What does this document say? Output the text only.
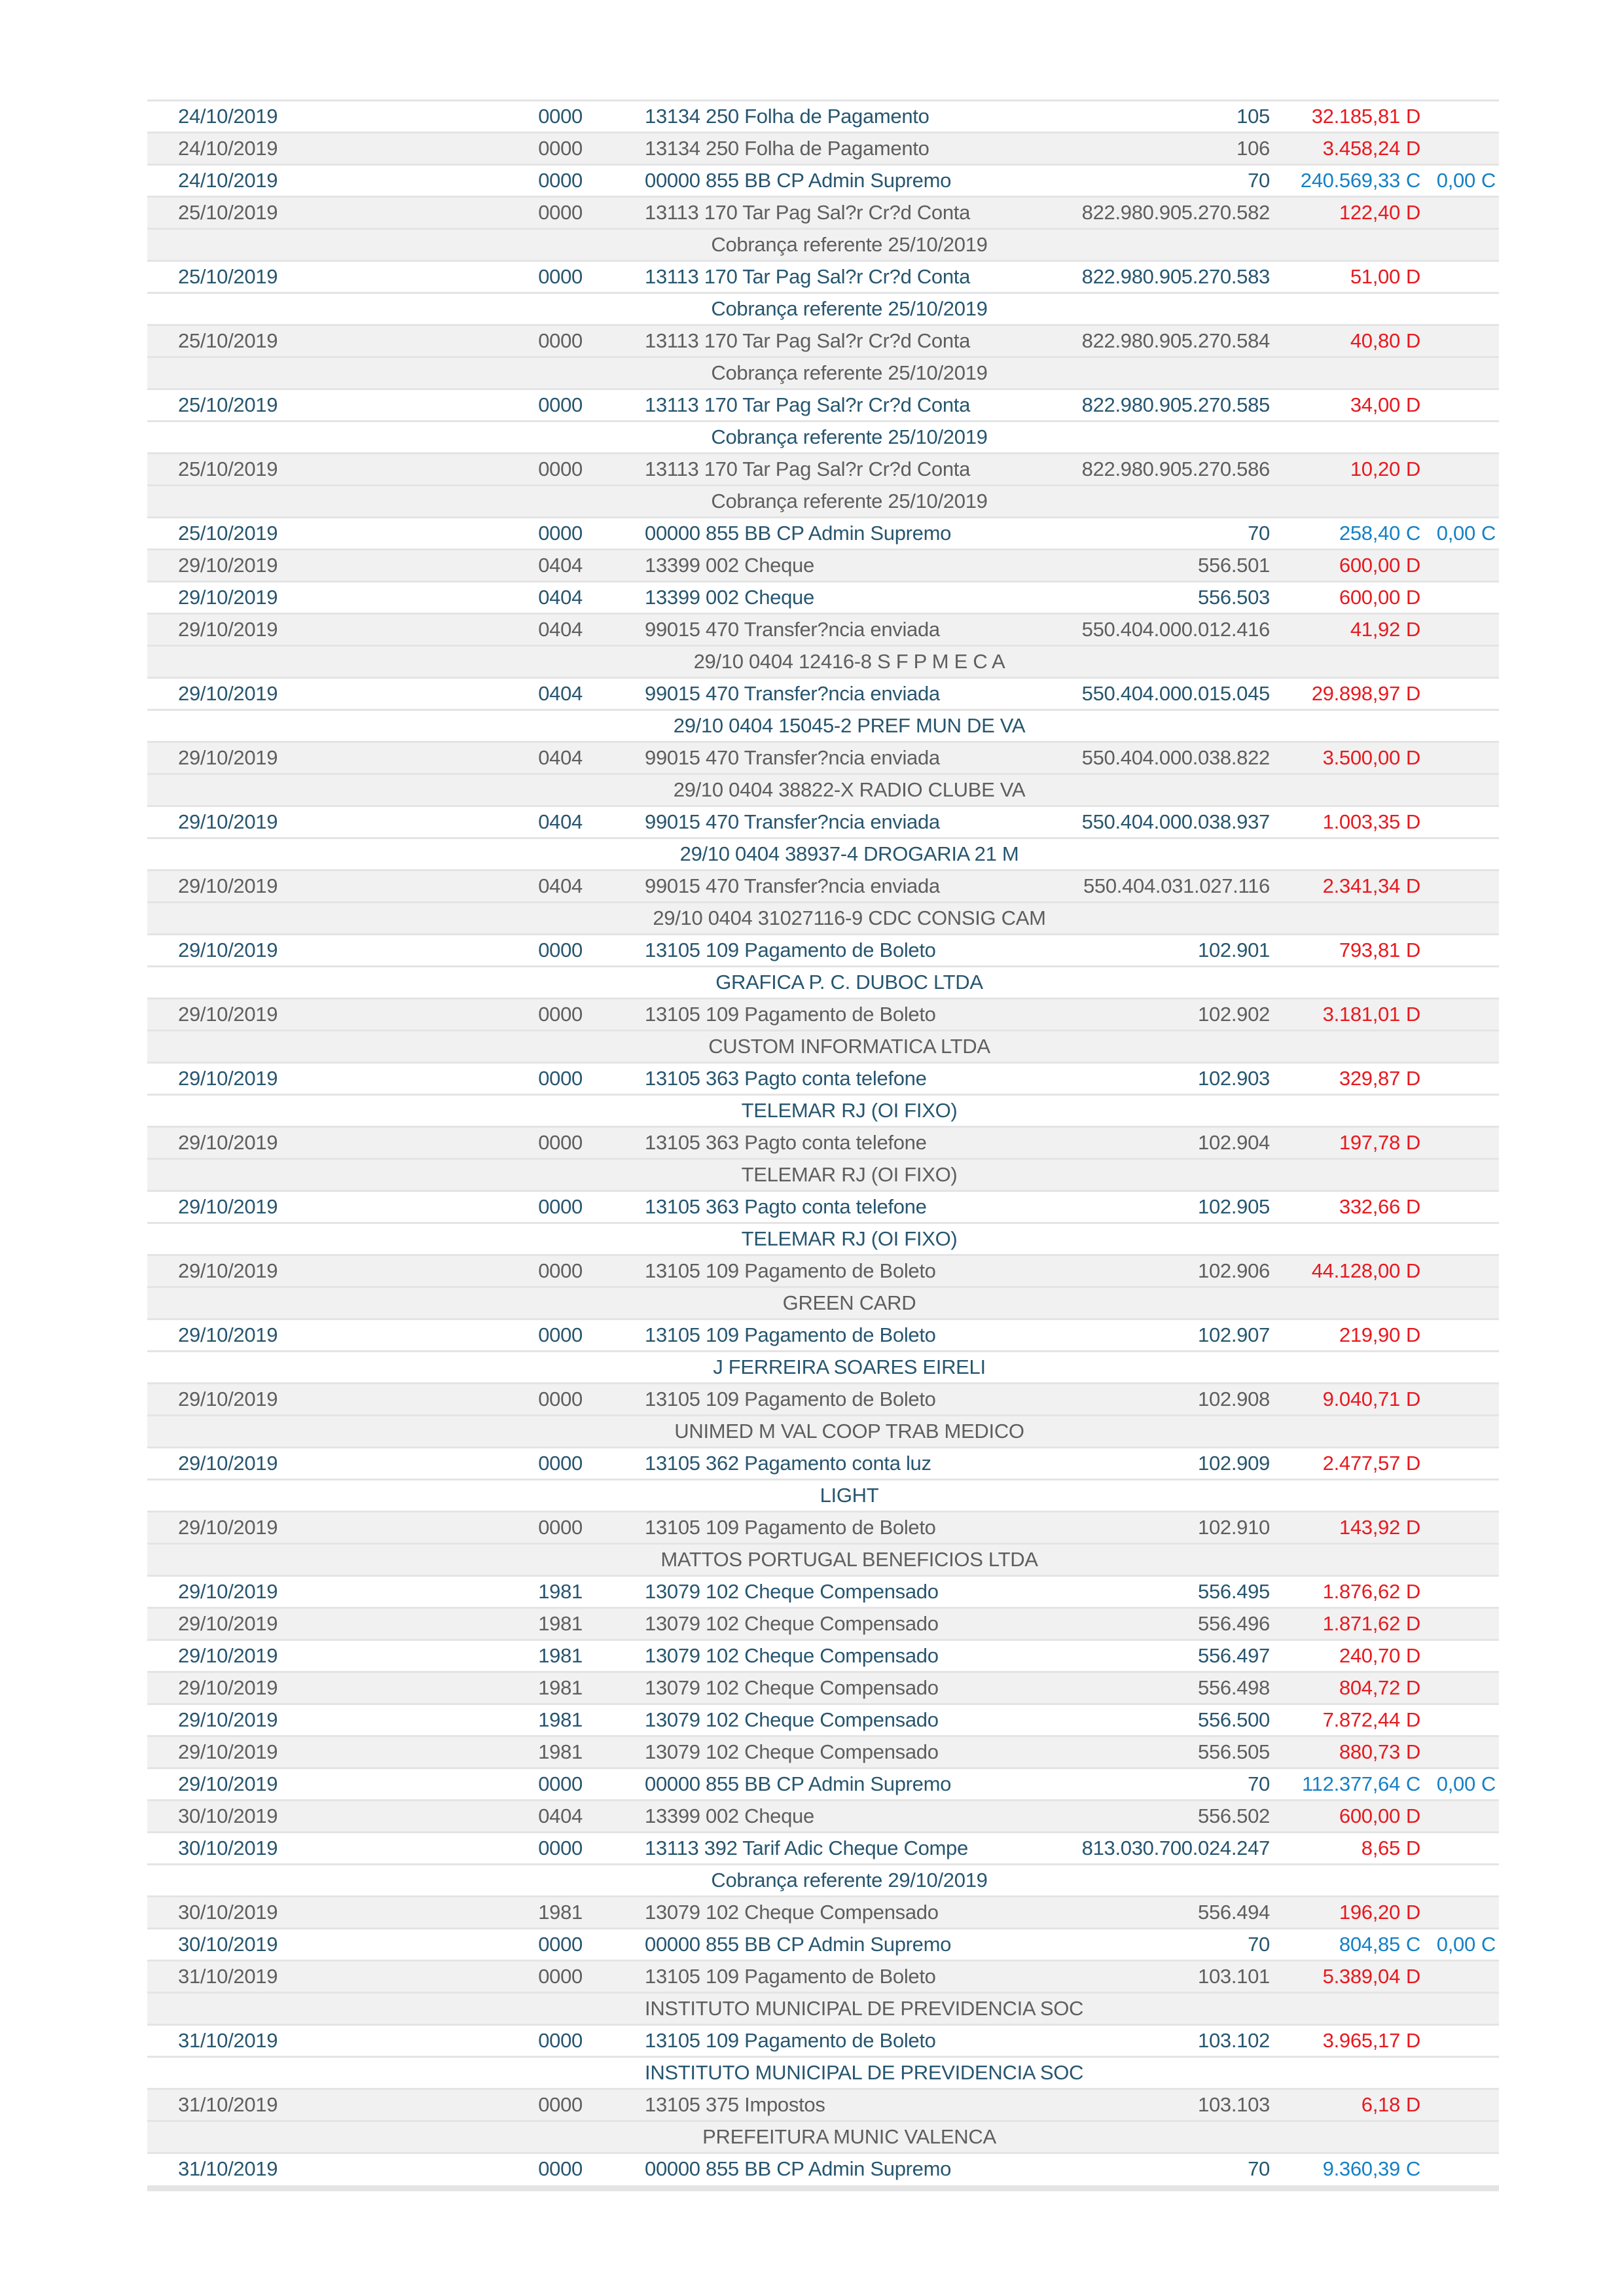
24/10/2019	0000	13134 250 Folha de Pagamento	105	32.185,81 D
24/10/2019	0000	13134 250 Folha de Pagamento	106	3.458,24 D
24/10/2019	0000	00000 855 BB CP Admin Supremo	70	240.569,33 C 0,00 C
25/10/2019	0000	13113 170 Tar Pag Sal?r Cr?d Conta	822.980.905.270.582	122,40 D
Cobrança referente 25/10/2019
25/10/2019	0000	13113 170 Tar Pag Sal?r Cr?d Conta	822.980.905.270.583	51,00 D
Cobrança referente 25/10/2019
25/10/2019	0000	13113 170 Tar Pag Sal?r Cr?d Conta	822.980.905.270.584	40,80 D
Cobrança referente 25/10/2019
25/10/2019	0000	13113 170 Tar Pag Sal?r Cr?d Conta	822.980.905.270.585	34,00 D
Cobrança referente 25/10/2019
25/10/2019	0000	13113 170 Tar Pag Sal?r Cr?d Conta	822.980.905.270.586	10,20 D
Cobrança referente 25/10/2019
25/10/2019	0000	00000 855 BB CP Admin Supremo	70	258,40 C 0,00 C
29/10/2019	0404	13399 002 Cheque	556.501	600,00 D
29/10/2019	0404	13399 002 Cheque	556.503	600,00 D
29/10/2019	0404	99015 470 Transfer?ncia enviada	550.404.000.012.416	41,92 D
29/10 0404 12416-8 S F P M E C A
29/10/2019	0404	99015 470 Transfer?ncia enviada	550.404.000.015.045	29.898,97 D
29/10 0404 15045-2 PREF MUN DE VA
29/10/2019	0404	99015 470 Transfer?ncia enviada	550.404.000.038.822	3.500,00 D
29/10 0404 38822-X RADIO CLUBE VA
29/10/2019	0404	99015 470 Transfer?ncia enviada	550.404.000.038.937	1.003,35 D
29/10 0404 38937-4 DROGARIA 21 M
29/10/2019	0404	99015 470 Transfer?ncia enviada	550.404.031.027.116	2.341,34 D
29/10 0404 31027116-9 CDC CONSIG CAM
29/10/2019	0000	13105 109 Pagamento de Boleto	102.901	793,81 D
GRAFICA P. C. DUBOC LTDA
29/10/2019	0000	13105 109 Pagamento de Boleto	102.902	3.181,01 D
CUSTOM INFORMATICA LTDA
29/10/2019	0000	13105 363 Pagto conta telefone	102.903	329,87 D
TELEMAR RJ (OI FIXO)
29/10/2019	0000	13105 363 Pagto conta telefone	102.904	197,78 D
TELEMAR RJ (OI FIXO)
29/10/2019	0000	13105 363 Pagto conta telefone	102.905	332,66 D
TELEMAR RJ (OI FIXO)
29/10/2019	0000	13105 109 Pagamento de Boleto	102.906	44.128,00 D
GREEN CARD
29/10/2019	0000	13105 109 Pagamento de Boleto	102.907	219,90 D
J FERREIRA SOARES EIRELI
29/10/2019	0000	13105 109 Pagamento de Boleto	102.908	9.040,71 D
UNIMED M VAL COOP TRAB MEDICO
29/10/2019	0000	13105 362 Pagamento conta luz	102.909	2.477,57 D
LIGHT
29/10/2019	0000	13105 109 Pagamento de Boleto	102.910	143,92 D
MATTOS PORTUGAL BENEFICIOS LTDA
29/10/2019	1981	13079 102 Cheque Compensado	556.495	1.876,62 D
29/10/2019	1981	13079 102 Cheque Compensado	556.496	1.871,62 D
29/10/2019	1981	13079 102 Cheque Compensado	556.497	240,70 D
29/10/2019	1981	13079 102 Cheque Compensado	556.498	804,72 D
29/10/2019	1981	13079 102 Cheque Compensado	556.500	7.872,44 D
29/10/2019	1981	13079 102 Cheque Compensado	556.505	880,73 D
29/10/2019	0000	00000 855 BB CP Admin Supremo	70	112.377,64 C 0,00 C
30/10/2019	0404	13399 002 Cheque	556.502	600,00 D
30/10/2019	0000	13113 392 Tarif Adic Cheque Compe	813.030.700.024.247	8,65 D
Cobrança referente 29/10/2019
30/10/2019	1981	13079 102 Cheque Compensado	556.494	196,20 D
30/10/2019	0000	00000 855 BB CP Admin Supremo	70	804,85 C 0,00 C
31/10/2019	0000	13105 109 Pagamento de Boleto	103.101	5.389,04 D
INSTITUTO MUNICIPAL DE PREVIDENCIA SOC
31/10/2019	0000	13105 109 Pagamento de Boleto	103.102	3.965,17 D
INSTITUTO MUNICIPAL DE PREVIDENCIA SOC
31/10/2019	0000	13105 375 Impostos	103.103	6,18 D
PREFEITURA MUNIC VALENCA
31/10/2019	0000	00000 855 BB CP Admin Supremo	70	9.360,39 C
